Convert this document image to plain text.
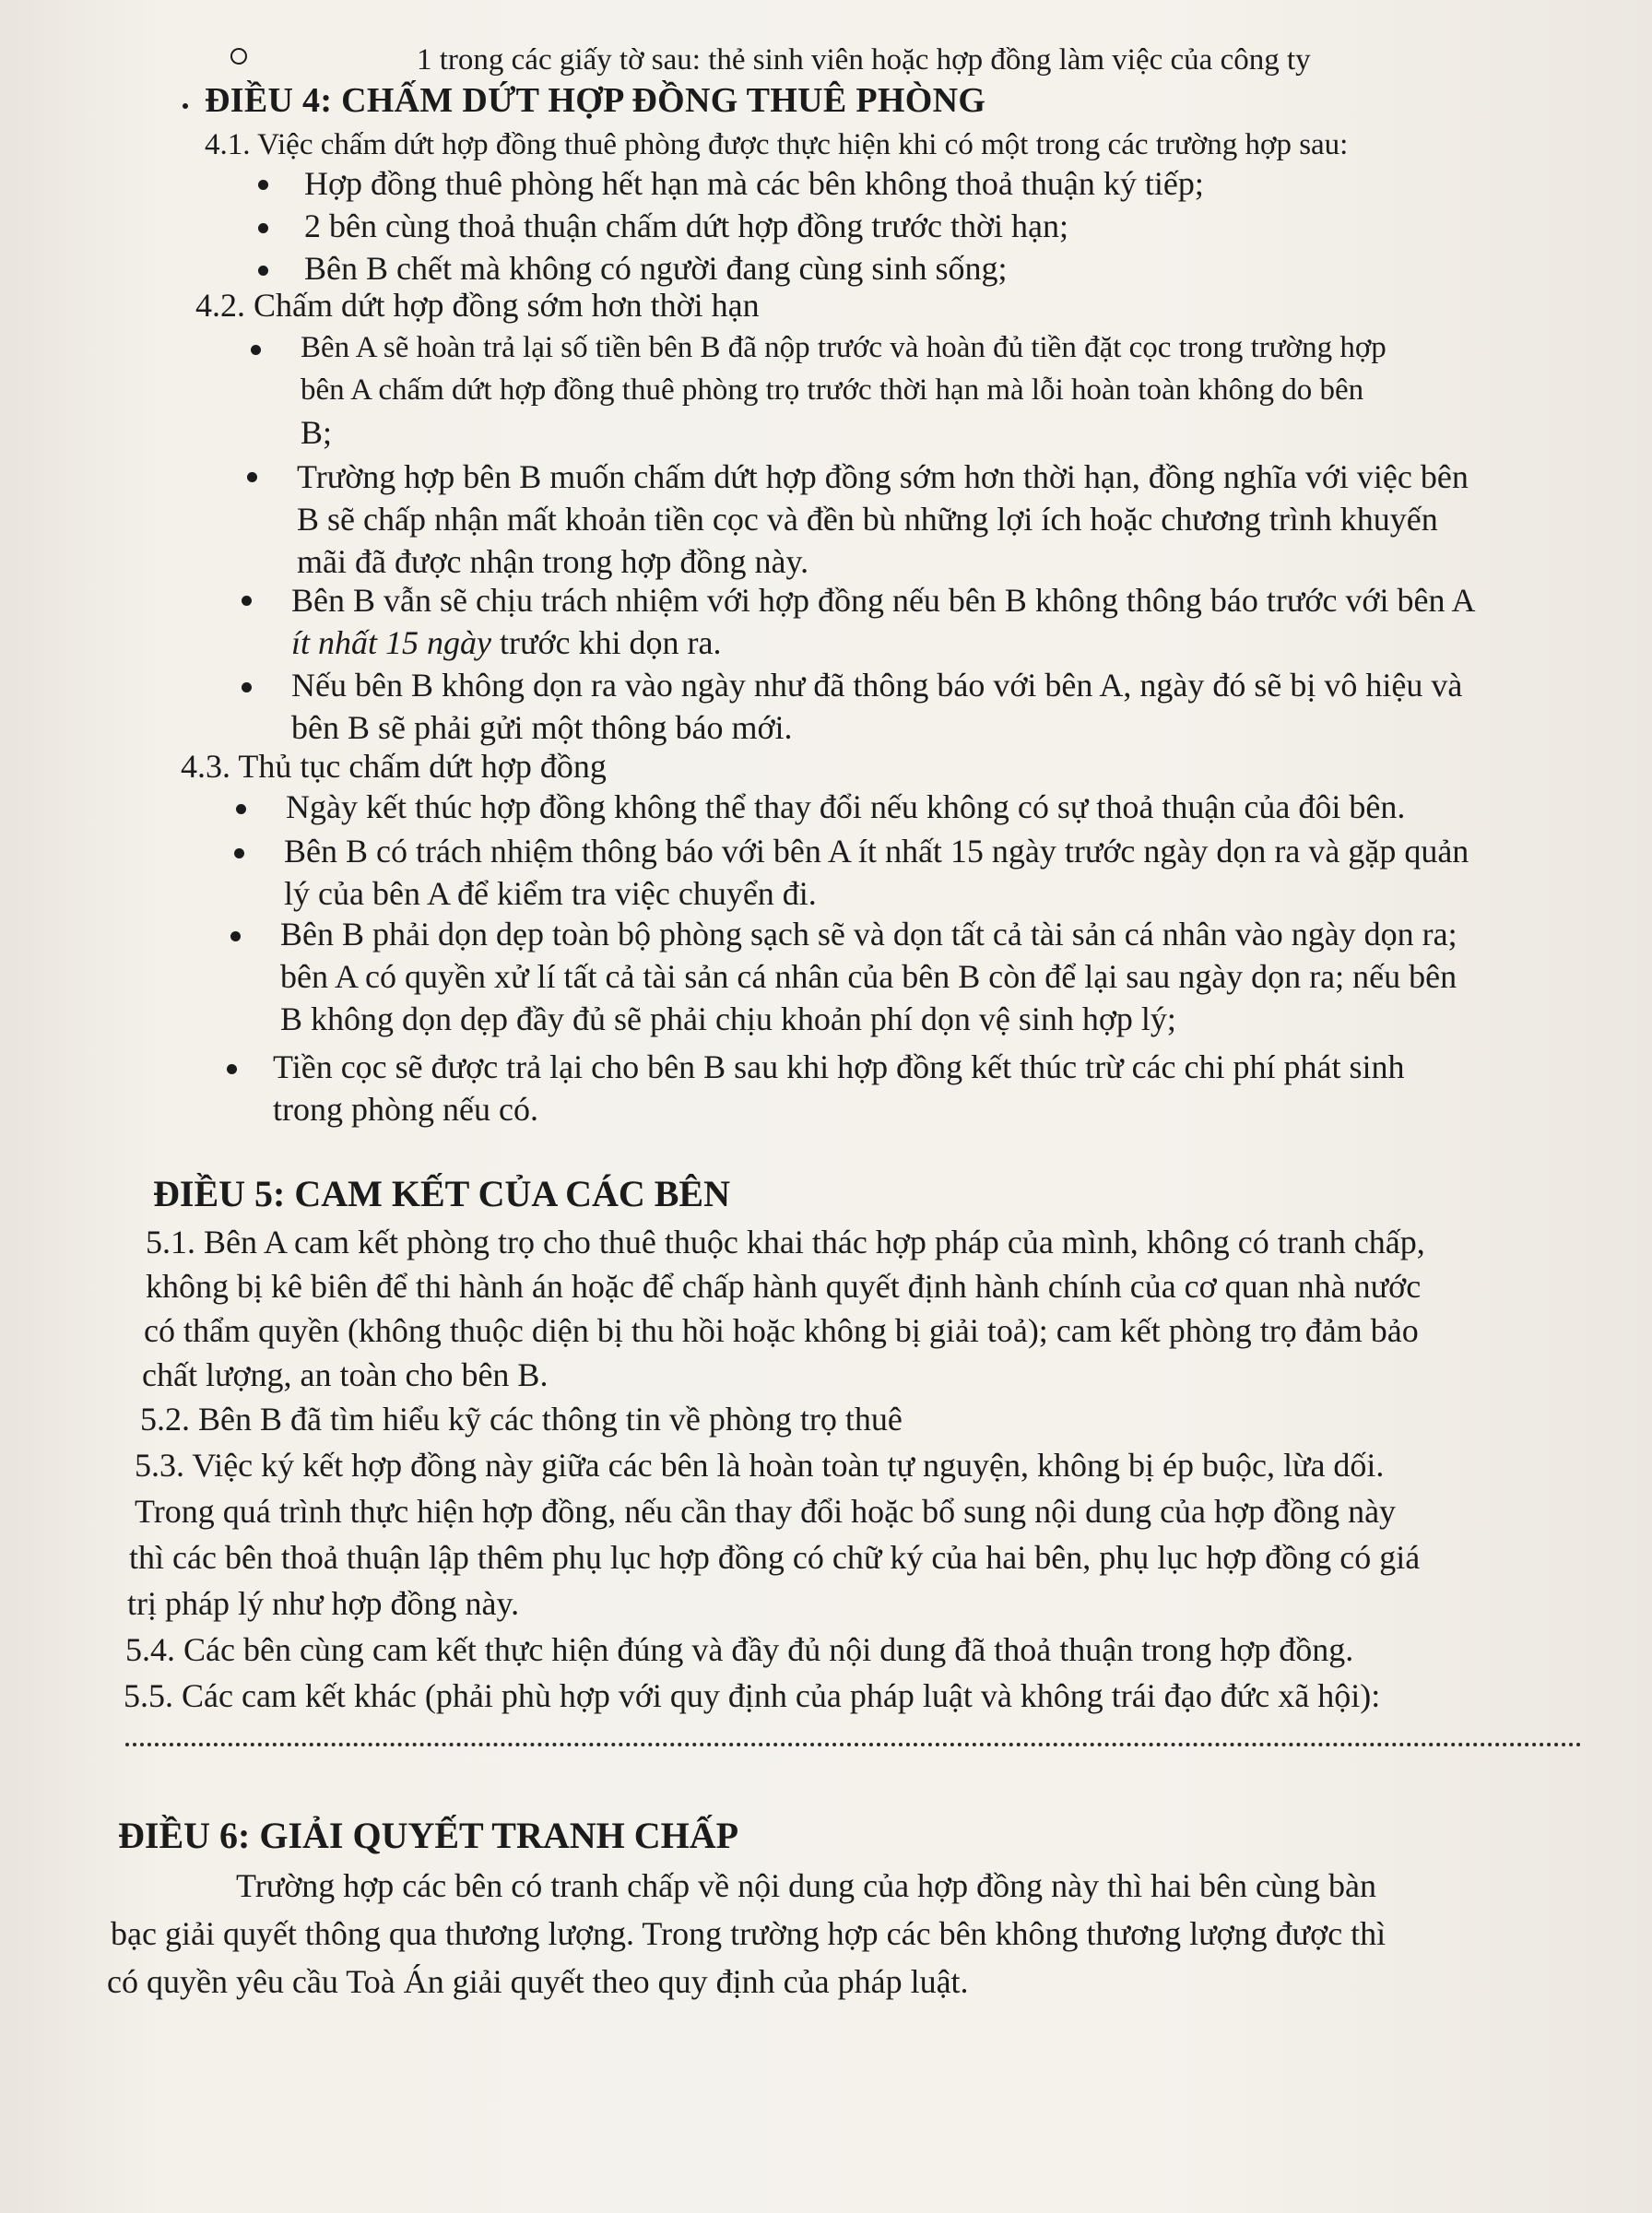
1 trong các giấy tờ sau: thẻ sinh viên hoặc hợp đồng làm việc của công ty
ĐIỀU 4: CHẤM DỨT HỢP ĐỒNG THUÊ PHÒNG
4.1. Việc chấm dứt hợp đồng thuê phòng được thực hiện khi có một trong các trường hợp sau:
Hợp đồng thuê phòng hết hạn mà các bên không thoả thuận ký tiếp;
2 bên cùng thoả thuận chấm dứt hợp đồng trước thời hạn;
Bên B chết mà không có người đang cùng sinh sống;
4.2. Chấm dứt hợp đồng sớm hơn thời hạn
Bên A sẽ hoàn trả lại số tiền bên B đã nộp trước và hoàn đủ tiền đặt cọc trong trường hợp
bên A chấm dứt hợp đồng thuê phòng trọ trước thời hạn mà lỗi hoàn toàn không do bên
B;
Trường hợp bên B muốn chấm dứt hợp đồng sớm hơn thời hạn, đồng nghĩa với việc bên
B sẽ chấp nhận mất khoản tiền cọc và đền bù những lợi ích hoặc chương trình khuyến
mãi đã được nhận trong hợp đồng này.
Bên B vẫn sẽ chịu trách nhiệm với hợp đồng nếu bên B không thông báo trước với bên A
ít nhất 15 ngày trước khi dọn ra.
Nếu bên B không dọn ra vào ngày như đã thông báo với bên A, ngày đó sẽ bị vô hiệu và
bên B sẽ phải gửi một thông báo mới.
4.3. Thủ tục chấm dứt hợp đồng
Ngày kết thúc hợp đồng không thể thay đổi nếu không có sự thoả thuận của đôi bên.
Bên B có trách nhiệm thông báo với bên A ít nhất 15 ngày trước ngày dọn ra và gặp quản
lý của bên A để kiểm tra việc chuyển đi.
Bên B phải dọn dẹp toàn bộ phòng sạch sẽ và dọn tất cả tài sản cá nhân vào ngày dọn ra;
bên A có quyền xử lí tất cả tài sản cá nhân của bên B còn để lại sau ngày dọn ra; nếu bên
B không dọn dẹp đầy đủ sẽ phải chịu khoản phí dọn vệ sinh hợp lý;
Tiền cọc sẽ được trả lại cho bên B sau khi hợp đồng kết thúc trừ các chi phí phát sinh
trong phòng nếu có.
ĐIỀU 5: CAM KẾT CỦA CÁC BÊN
5.1. Bên A cam kết phòng trọ cho thuê thuộc khai thác hợp pháp của mình, không có tranh chấp,
không bị kê biên để thi hành án hoặc để chấp hành quyết định hành chính của cơ quan nhà nước
có thẩm quyền (không thuộc diện bị thu hồi hoặc không bị giải toả); cam kết phòng trọ đảm bảo
chất lượng, an toàn cho bên B.
5.2. Bên B đã tìm hiểu kỹ các thông tin về phòng trọ thuê
5.3. Việc ký kết hợp đồng này giữa các bên là hoàn toàn tự nguyện, không bị ép buộc, lừa dối.
Trong quá trình thực hiện hợp đồng, nếu cần thay đổi hoặc bổ sung nội dung của hợp đồng này
thì các bên thoả thuận lập thêm phụ lục hợp đồng có chữ ký của hai bên, phụ lục hợp đồng có giá
trị pháp lý như hợp đồng này.
5.4. Các bên cùng cam kết thực hiện đúng và đầy đủ nội dung đã thoả thuận trong hợp đồng.
5.5. Các cam kết khác (phải phù hợp với quy định của pháp luật và không trái đạo đức xã hội):
ĐIỀU 6: GIẢI QUYẾT TRANH CHẤP
Trường hợp các bên có tranh chấp về nội dung của hợp đồng này thì hai bên cùng bàn
bạc giải quyết thông qua thương lượng. Trong trường hợp các bên không thương lượng được thì
có quyền yêu cầu Toà Án giải quyết theo quy định của pháp luật.
